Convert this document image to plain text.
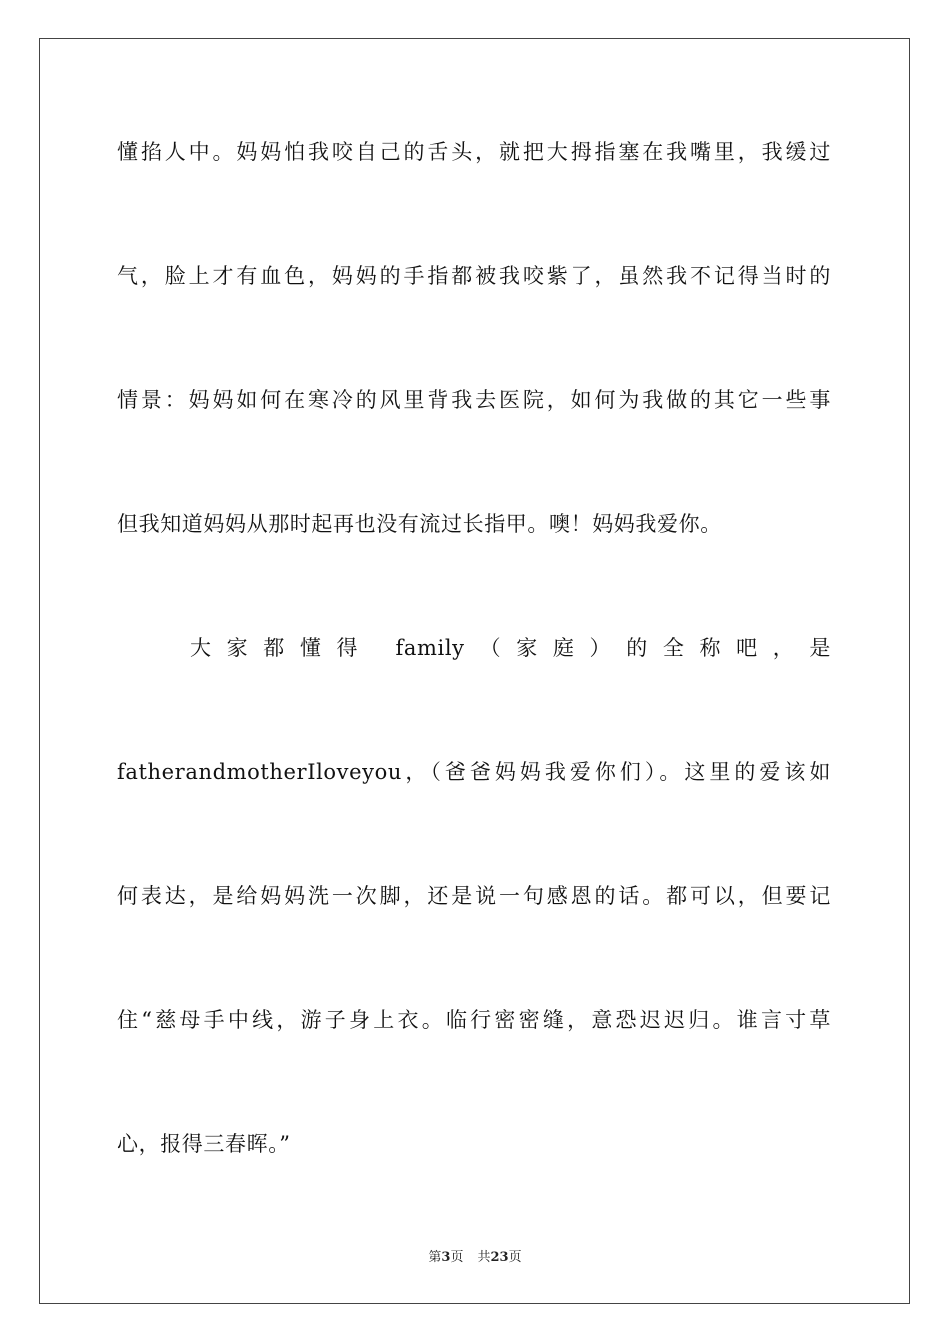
懂掐人中。妈妈怕我咬自己的舌头，就把大拇指塞在我嘴里，我缓过
气，脸上才有血色，妈妈的手指都被我咬紫了，虽然我不记得当时的
情景：妈妈如何在寒冷的风里背我去医院，如何为我做的其它一些事
但我知道妈妈从那时起再也没有流过长指甲。噢！妈妈我爱你。
大家都懂得 family（家庭）的全称吧，是
fatherandmotherIloveyou，（爸爸妈妈我爱你们）。这里的爱该如
何表达，是给妈妈洗一次脚，还是说一句感恩的话。都可以，但要记
住“慈母手中线，游子身上衣。临行密密缝，意恐迟迟归。谁言寸草
心，报得三春晖。”
第3页 共23页
